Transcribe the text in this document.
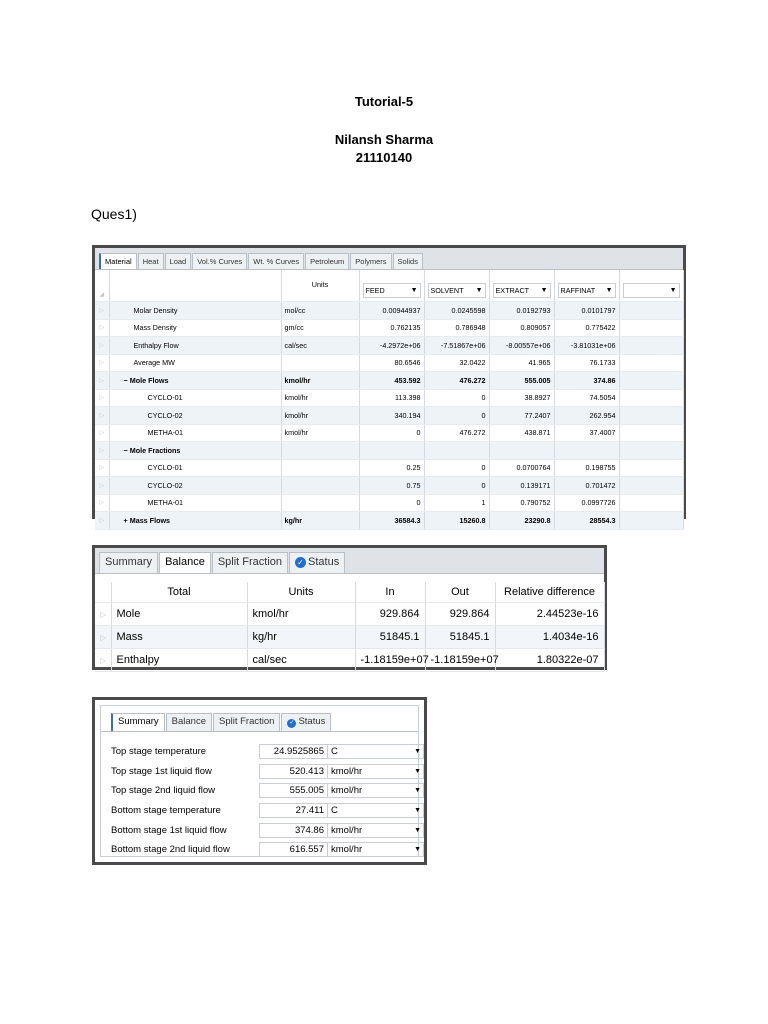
Tutorial-5
Nilansh Sharma
21110140
Ques1)
Material	Heat	Load	Vol.% Curves	Wt. % Curves	Petroleum	Polymers	Solids
◢		Units	FEED ▼	SOLVENT ▼	EXTRACT ▼	RAFFINAT ▼	▼

▷	Molar Density	mol/cc	0.00944937	0.0245598	0.0192793	0.0101797	
▷	Mass Density	gm/cc	0.762135	0.786948	0.809057	0.775422	
▷	Enthalpy Flow	cal/sec	-4.2972e+06	-7.51867e+06	-8.00557e+06	-3.81031e+06	
▷	Average MW		80.6546	32.0422	41.965	76.1733	
▷	− Mole Flows	kmol/hr	453.592	476.272	555.005	374.86	
▷	CYCLO-01	kmol/hr	113.398	0	38.8927	74.5054	
▷	CYCLO-02	kmol/hr	340.194	0	77.2407	262.954	
▷	METHA-01	kmol/hr	0	476.272	438.871	37.4007	
▷	− Mole Fractions						
▷	CYCLO-01		0.25	0	0.0700764	0.198755	
▷	CYCLO-02		0.75	0	0.139171	0.701472	
▷	METHA-01		0	1	0.790752	0.0997726	
▷	+ Mass Flows	kg/hr	36584.3	15260.8	23290.8	28554.3	
Summary	Balance	Split Fraction	✓ Status
	Total	Units	In	Out	Relative difference
▷	Mole	kmol/hr	929.864	929.864	2.44523e-16
▷	Mass	kg/hr	51845.1	51845.1	1.4034e-16
▷	Enthalpy	cal/sec	-1.18159e+07	-1.18159e+07	1.80322e-07
Summary	Balance	Split Fraction	✓ Status
Top stage temperature	24.9525865 C	▼
Top stage 1st liquid flow	520.413 kmol/hr	▼
Top stage 2nd liquid flow	555.005 kmol/hr	▼
Bottom stage temperature	27.411 C	▼
Bottom stage 1st liquid flow	374.86 kmol/hr	▼
Bottom stage 2nd liquid flow	616.557 kmol/hr	▼
